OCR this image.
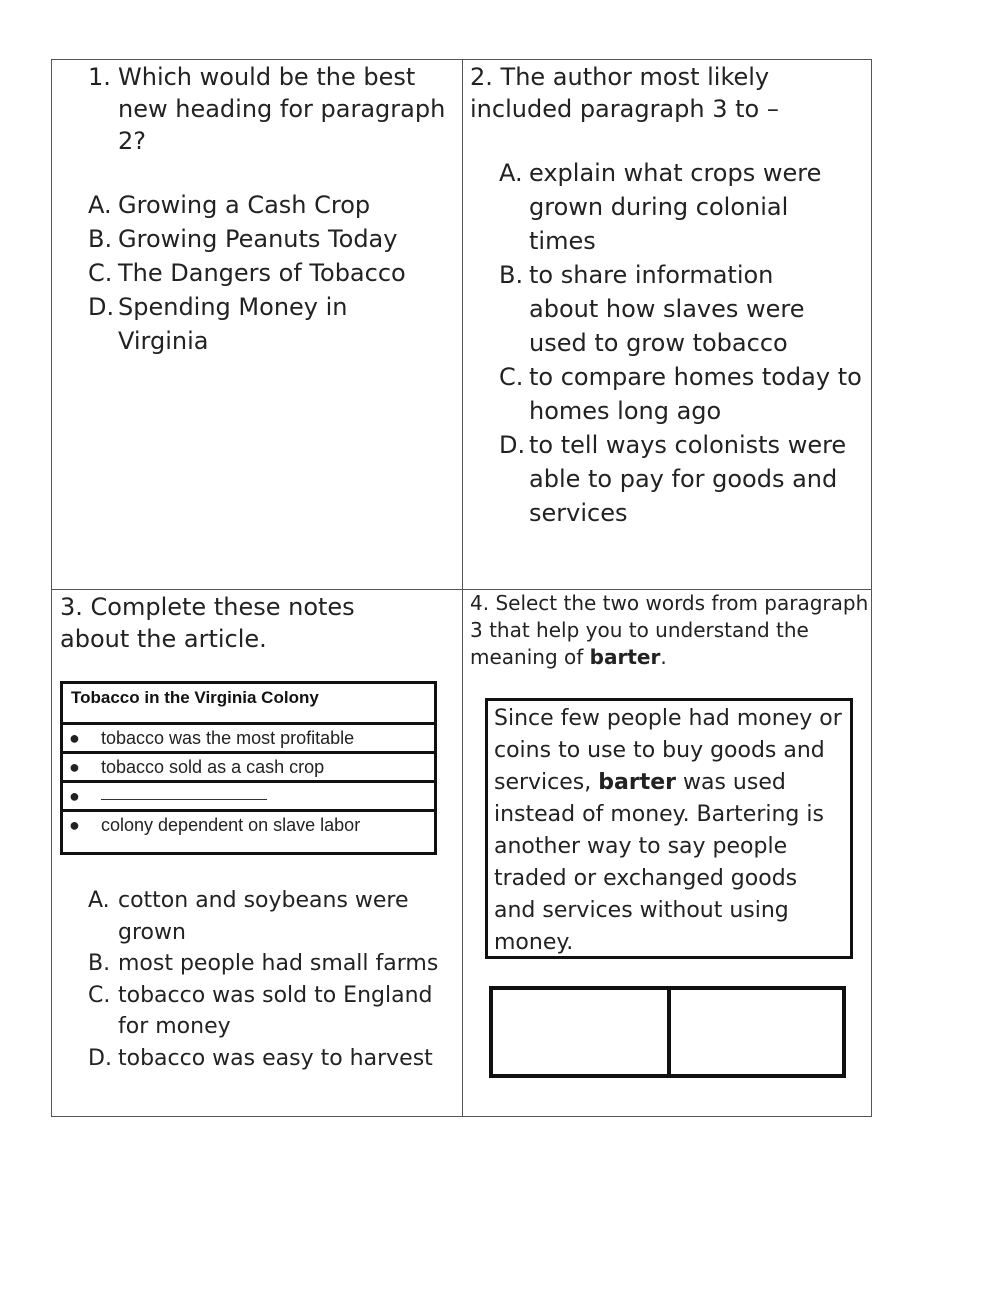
1. Which would be the best new heading for paragraph 2?
A. Growing a Cash Crop
B. Growing Peanuts Today
C. The Dangers of Tobacco
D. Spending Money in Virginia
2. The author most likely included paragraph 3 to –
A. explain what crops were grown during colonial times
B. to share information about how slaves were used to grow tobacco
C. to compare homes today to homes long ago
D. to tell ways colonists were able to pay for goods and services
3. Complete these notes about the article.
Tobacco in the Virginia Colony
● tobacco was the most profitable
● tobacco sold as a cash crop
●
● colony dependent on slave labor
A. cotton and soybeans were grown
B. most people had small farms
C. tobacco was sold to England for money
D. tobacco was easy to harvest
4. Select the two words from paragraph 3 that help you to understand the meaning of barter.
Since few people had money or coins to use to buy goods and services, barter was used instead of money. Bartering is another way to say people traded or exchanged goods and services without using money.
